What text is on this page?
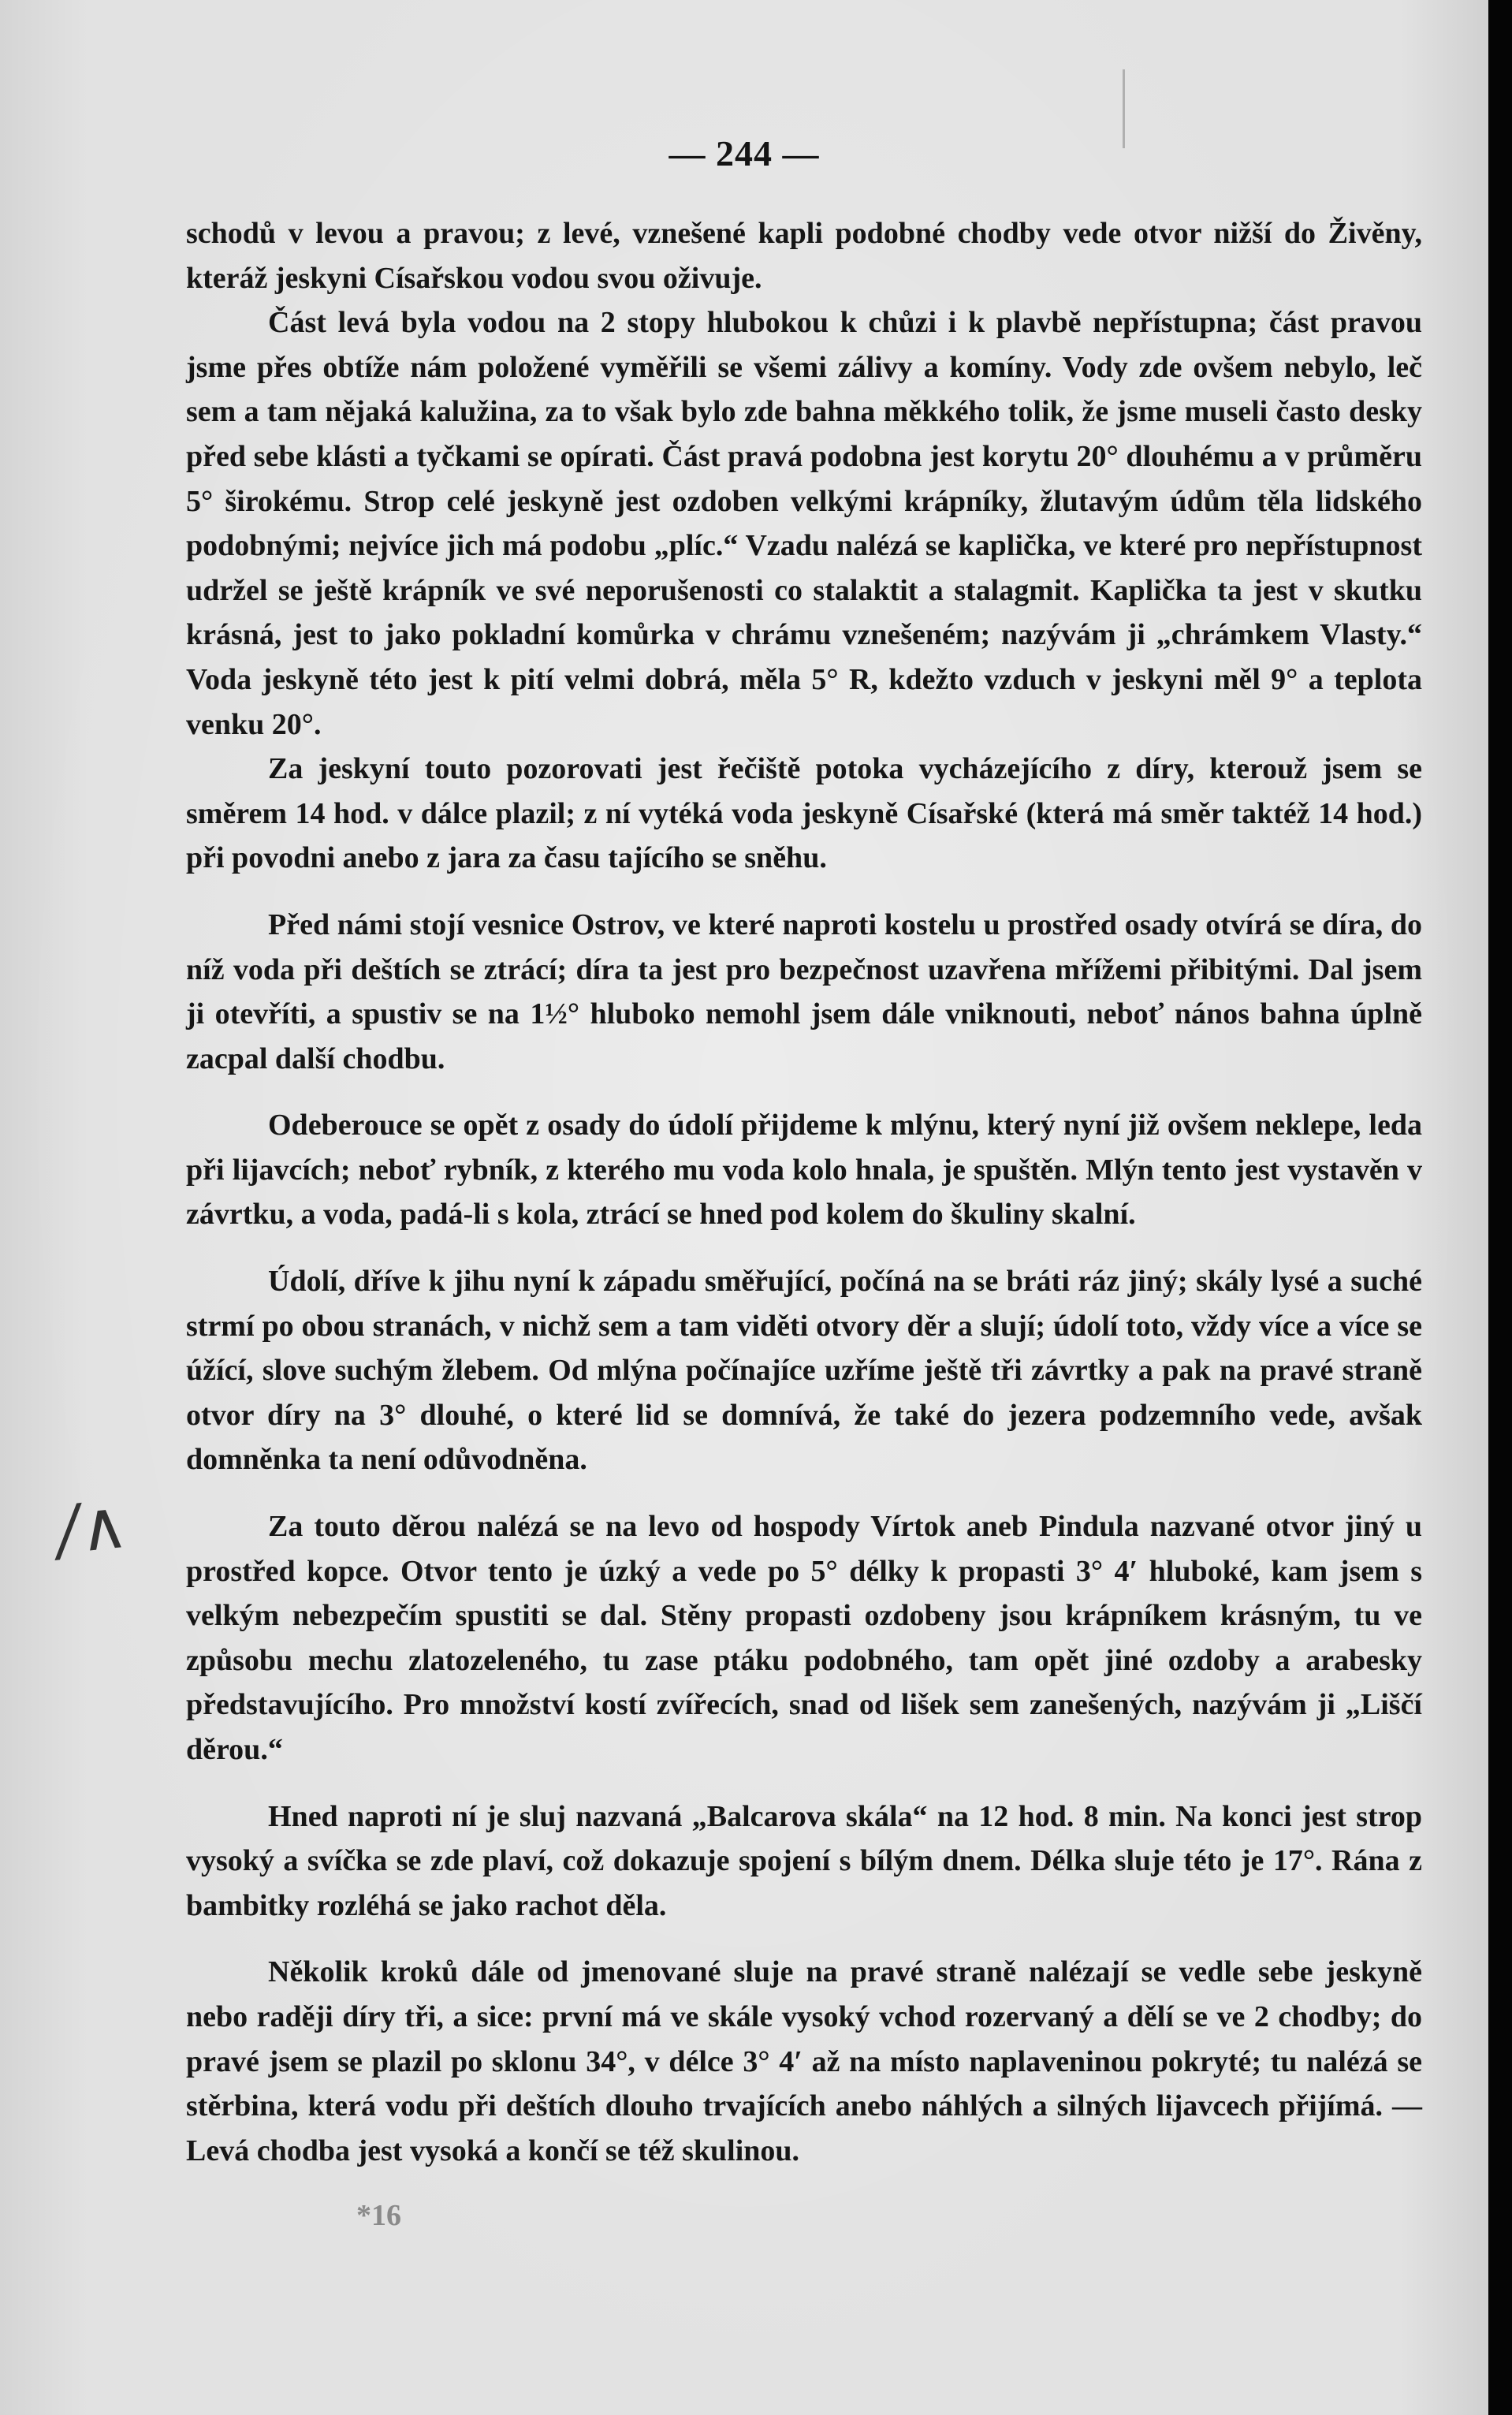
— 244 —

schodů v levou a pravou; z levé, vznešené kapli podobné chodby vede otvor nižší do Živěny, kteráž jeskyni Císařskou vodou svou oživuje.

Část levá byla vodou na 2 stopy hlubokou k chůzi i k plavbě nepřístupna; část pravou jsme přes obtíže nám položené vyměřili se všemi zálivy a komíny. Vody zde ovšem nebylo, leč sem a tam nějaká kalužina, za to však bylo zde bahna měkkého tolik, že jsme museli často desky před sebe klásti a tyčkami se opírati. Část pravá podobna jest korytu 20° dlouhému a v průměru 5° širokému. Strop celé jeskyně jest ozdoben velkými krápníky, žlutavým údům těla lidského podobnými; nejvíce jich má podobu „plíc.“ Vzadu nalézá se kaplička, ve které pro nepřístupnost udržel se ještě krápník ve své neporušenosti co stalaktit a stalagmit. Kaplička ta jest v skutku krásná, jest to jako pokladní komůrka v chrámu vznešeném; nazývám ji „chrámkem Vlasty.“ Voda jeskyně této jest k pití velmi dobrá, měla 5° R, kdežto vzduch v jeskyni měl 9° a teplota venku 20°.

Za jeskyní touto pozorovati jest řečiště potoka vycházejícího z díry, kterouž jsem se směrem 14 hod. v dálce plazil; z ní vytéká voda jeskyně Císařské (která má směr taktéž 14 hod.) při povodni anebo z jara za času tajícího se sněhu.

Před námi stojí vesnice Ostrov, ve které naproti kostelu u prostřed osady otvírá se díra, do níž voda při deštích se ztrácí; díra ta jest pro bezpečnost uzavřena mřížemi přibitými. Dal jsem ji otevříti, a spustiv se na 1½° hluboko nemohl jsem dále vniknouti, neboť nános bahna úplně zacpal další chodbu.

Odeberouce se opět z osady do údolí přijdeme k mlýnu, který nyní již ovšem neklepe, leda při lijavcích; neboť rybník, z kterého mu voda kolo hnala, je spuštěn. Mlýn tento jest vystavěn v závrtku, a voda, padá-li s kola, ztrácí se hned pod kolem do škuliny skalní.

Údolí, dříve k jihu nyní k západu směřující, počíná na se bráti ráz jiný; skály lysé a suché strmí po obou stranách, v nichž sem a tam viděti otvory děr a slují; údolí toto, vždy více a více se úžící, slove suchým žlebem. Od mlýna počínajíce uzříme ještě tři závrtky a pak na pravé straně otvor díry na 3° dlouhé, o které lid se domnívá, že také do jezera podzemního vede, avšak domněnka ta není odůvodněna.

Za touto děrou nalézá se na levo od hospody Vírtok aneb Pindula nazvané otvor jiný u prostřed kopce. Otvor tento je úzký a vede po 5° délky k propasti 3° 4′ hluboké, kam jsem s velkým nebezpečím spustiti se dal. Stěny propasti ozdobeny jsou krápníkem krásným, tu ve způsobu mechu zlatozeleného, tu zase ptáku podobného, tam opět jiné ozdoby a arabesky představujícího. Pro množství kostí zvířecích, snad od lišek sem zanešených, nazývám ji „Liščí děrou.“

Hned naproti ní je sluj nazvaná „Balcarova skála“ na 12 hod. 8 min. Na konci jest strop vysoký a svíčka se zde plaví, což dokazuje spojení s bílým dnem. Délka sluje této je 17°. Rána z bambitky rozléhá se jako rachot děla.

Několik kroků dále od jmenované sluje na pravé straně nalézají se vedle sebe jeskyně nebo raději díry tři, a sice: první má ve skále vysoký vchod rozervaný a dělí se ve 2 chodby; do pravé jsem se plazil po sklonu 34°, v délce 3° 4′ až na místo naplaveninou pokryté; tu nalézá se stěrbina, která vodu při deštích dlouho trvajících anebo náhlých a silných lijavcech přijímá. — Levá chodba jest vysoká a končí se též skulinou.

/∧
*16
